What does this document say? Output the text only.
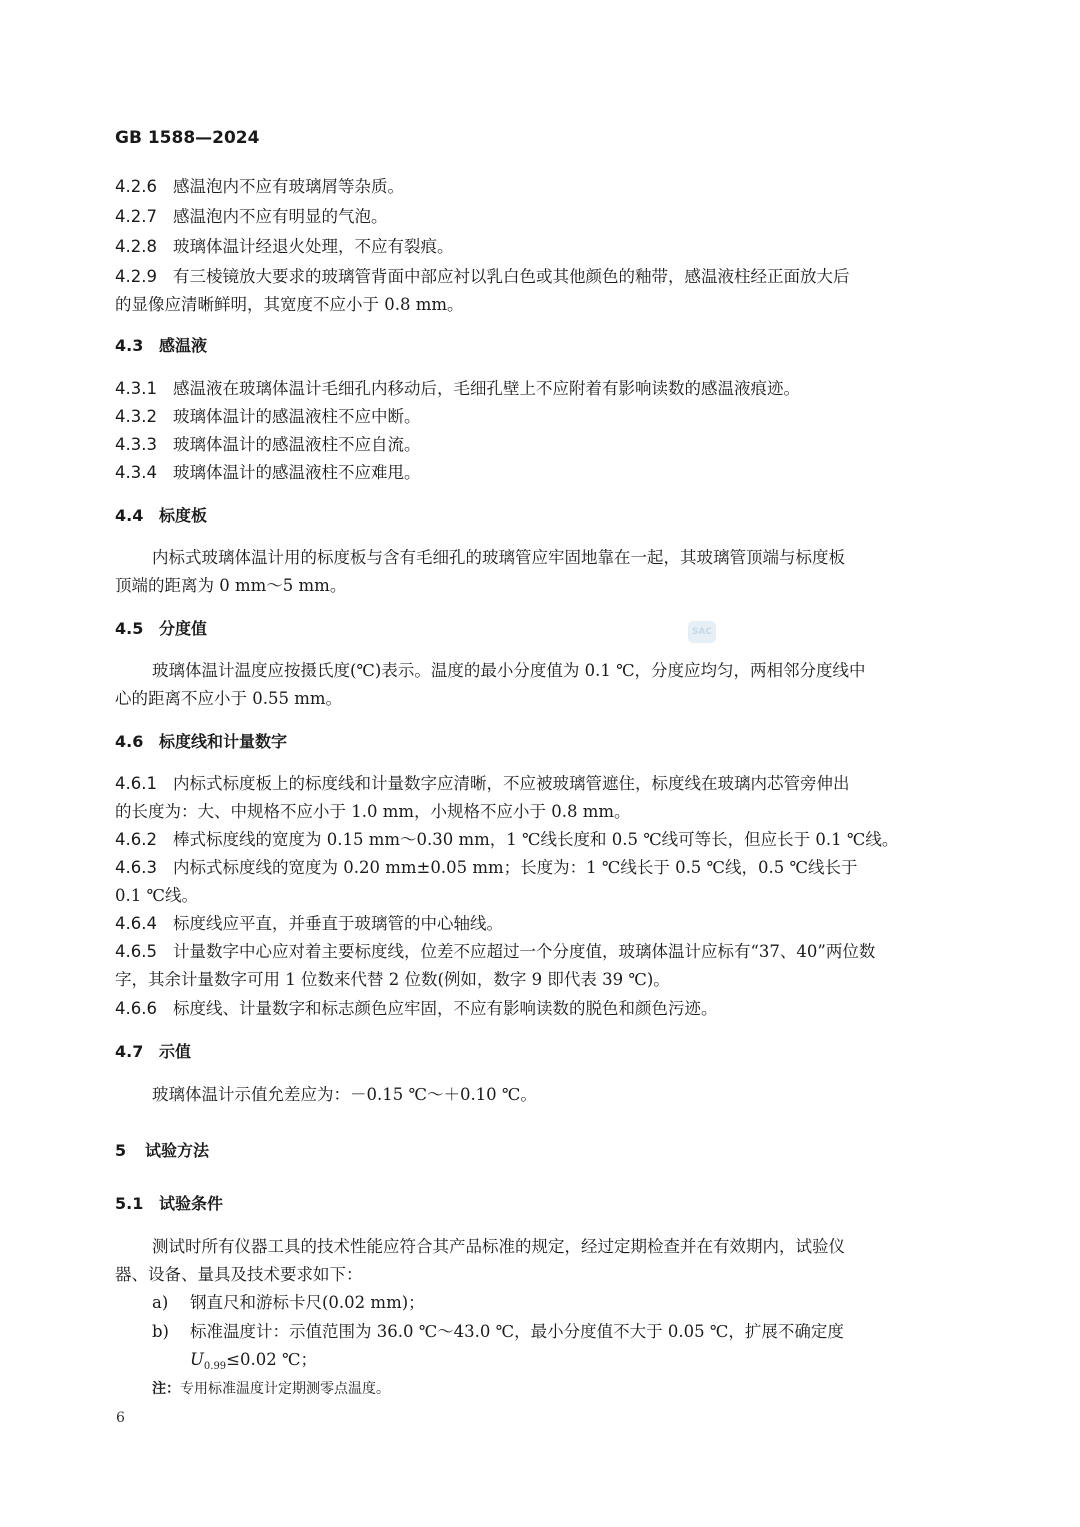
GB 1588—2024
SAC
4.2.6 感温泡内不应有玻璃屑等杂质。
4.2.7 感温泡内不应有明显的气泡。
4.2.8 玻璃体温计经退火处理，不应有裂痕。
4.2.9 有三棱镜放大要求的玻璃管背面中部应衬以乳白色或其他颜色的釉带，感温液柱经正面放大后
的显像应清晰鲜明，其宽度不应小于 0.8 mm。
4.3 感温液
4.3.1 感温液在玻璃体温计毛细孔内移动后，毛细孔壁上不应附着有影响读数的感温液痕迹。
4.3.2 玻璃体温计的感温液柱不应中断。
4.3.3 玻璃体温计的感温液柱不应自流。
4.3.4 玻璃体温计的感温液柱不应难甩。
4.4 标度板
内标式玻璃体温计用的标度板与含有毛细孔的玻璃管应牢固地靠在一起，其玻璃管顶端与标度板
顶端的距离为 0 mm～5 mm。
4.5 分度值
玻璃体温计温度应按摄氏度(℃)表示。温度的最小分度值为 0.1 ℃，分度应均匀，两相邻分度线中
心的距离不应小于 0.55 mm。
4.6 标度线和计量数字
4.6.1 内标式标度板上的标度线和计量数字应清晰，不应被玻璃管遮住，标度线在玻璃内芯管旁伸出
的长度为：大、中规格不应小于 1.0 mm，小规格不应小于 0.8 mm。
4.6.2 棒式标度线的宽度为 0.15 mm～0.30 mm，1 ℃线长度和 0.5 ℃线可等长，但应长于 0.1 ℃线。
4.6.3 内标式标度线的宽度为 0.20 mm±0.05 mm；长度为：1 ℃线长于 0.5 ℃线，0.5 ℃线长于
0.1 ℃线。
4.6.4 标度线应平直，并垂直于玻璃管的中心轴线。
4.6.5 计量数字中心应对着主要标度线，位差不应超过一个分度值，玻璃体温计应标有“37、40”两位数
字，其余计量数字可用 1 位数来代替 2 位数(例如，数字 9 即代表 39 ℃)。
4.6.6 标度线、计量数字和标志颜色应牢固，不应有影响读数的脱色和颜色污迹。
4.7 示值
玻璃体温计示值允差应为：－0.15 ℃～＋0.10 ℃。
5 试验方法
5.1 试验条件
测试时所有仪器工具的技术性能应符合其产品标准的规定，经过定期检查并在有效期内，试验仪
器、设备、量具及技术要求如下：
a) 钢直尺和游标卡尺(0.02 mm)；
b) 标准温度计：示值范围为 36.0 ℃～43.0 ℃，最小分度值不大于 0.05 ℃，扩展不确定度
$U_{0.99}\le 0.02$ ℃；
注：专用标准温度计定期测零点温度。
6
